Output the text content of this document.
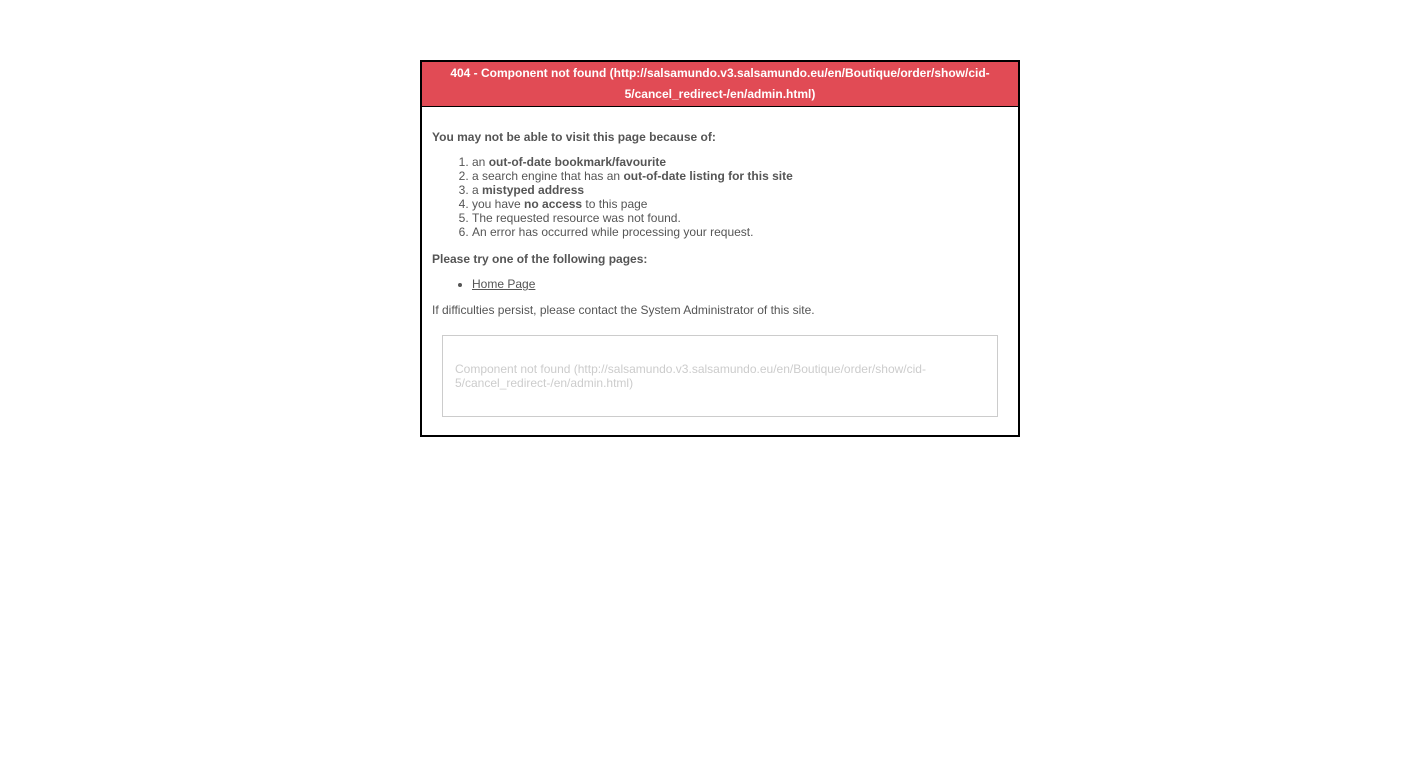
404 - Component not found (http://salsamundo.v3.salsamundo.eu/en/Boutique/order/show/cid-5/cancel_redirect-/en/admin.html)

You may not be able to visit this page because of:

1. an out-of-date bookmark/favourite
2. a search engine that has an out-of-date listing for this site
3. a mistyped address
4. you have no access to this page
5. The requested resource was not found.
6. An error has occurred while processing your request.

Please try one of the following pages:

• Home Page

If difficulties persist, please contact the System Administrator of this site.

Component not found (http://salsamundo.v3.salsamundo.eu/en/Boutique/order/show/cid-5/cancel_redirect-/en/admin.html)
